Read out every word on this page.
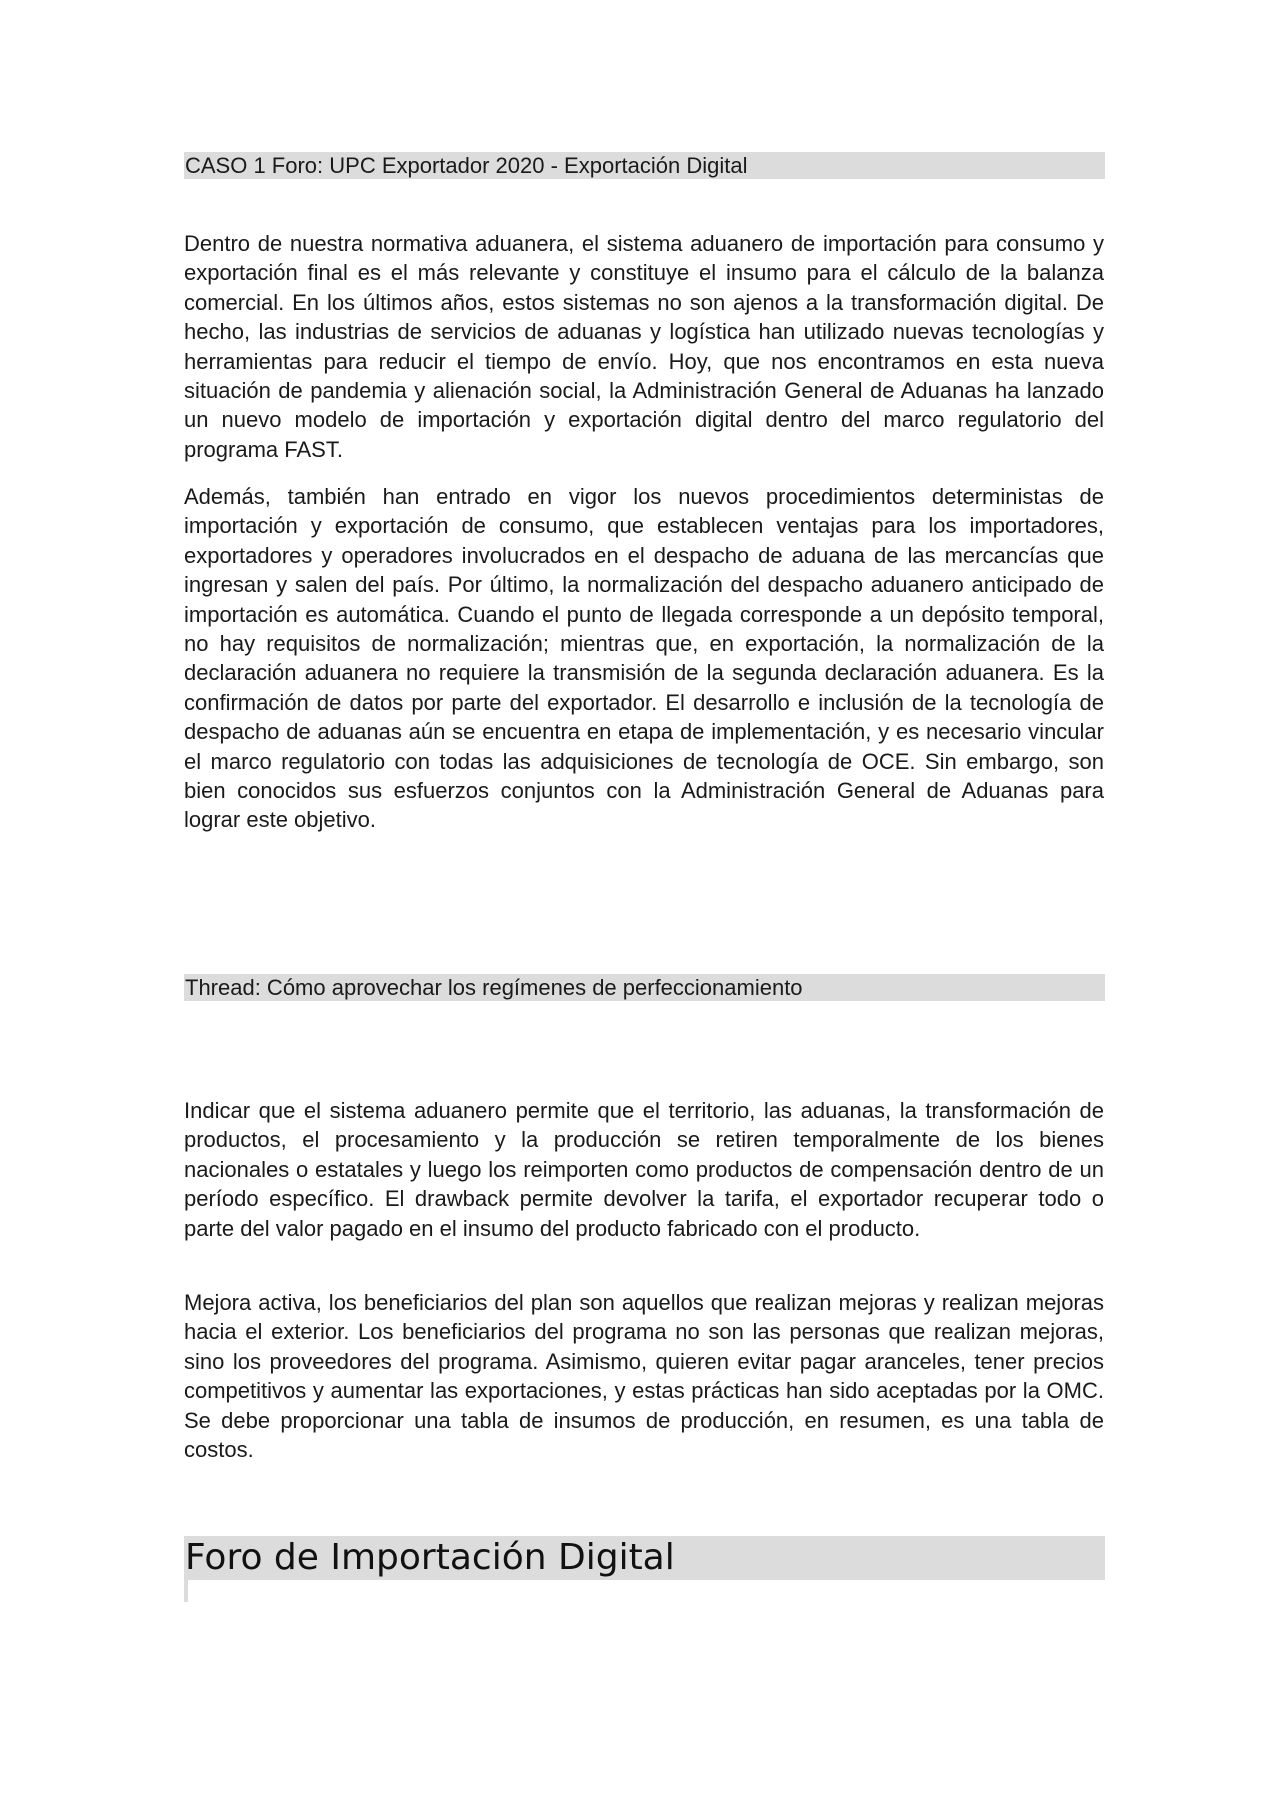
CASO 1 Foro: UPC Exportador 2020 - Exportación Digital

Dentro de nuestra normativa aduanera, el sistema aduanero de importación para consumo y exportación final es el más relevante y constituye el insumo para el cálculo de la balanza comercial. En los últimos años, estos sistemas no son ajenos a la transformación digital. De hecho, las industrias de servicios de aduanas y logística han utilizado nuevas tecnologías y herramientas para reducir el tiempo de envío. Hoy, que nos encontramos en esta nueva situación de pandemia y alienación social, la Administración General de Aduanas ha lanzado un nuevo modelo de importación y exportación digital dentro del marco regulatorio del programa FAST.

Además, también han entrado en vigor los nuevos procedimientos deterministas de importación y exportación de consumo, que establecen ventajas para los importadores, exportadores y operadores involucrados en el despacho de aduana de las mercancías que ingresan y salen del país. Por último, la normalización del despacho aduanero anticipado de importación es automática. Cuando el punto de llegada corresponde a un depósito temporal, no hay requisitos de normalización; mientras que, en exportación, la normalización de la declaración aduanera no requiere la transmisión de la segunda declaración aduanera. Es la confirmación de datos por parte del exportador. El desarrollo e inclusión de la tecnología de despacho de aduanas aún se encuentra en etapa de implementación, y es necesario vincular el marco regulatorio con todas las adquisiciones de tecnología de OCE. Sin embargo, son bien conocidos sus esfuerzos conjuntos con la Administración General de Aduanas para lograr este objetivo.

Thread: Cómo aprovechar los regímenes de perfeccionamiento

Indicar que el sistema aduanero permite que el territorio, las aduanas, la transformación de productos, el procesamiento y la producción se retiren temporalmente de los bienes nacionales o estatales y luego los reimporten como productos de compensación dentro de un período específico. El drawback permite devolver la tarifa, el exportador recuperar todo o parte del valor pagado en el insumo del producto fabricado con el producto.

Mejora activa, los beneficiarios del plan son aquellos que realizan mejoras y realizan mejoras hacia el exterior. Los beneficiarios del programa no son las personas que realizan mejoras, sino los proveedores del programa. Asimismo, quieren evitar pagar aranceles, tener precios competitivos y aumentar las exportaciones, y estas prácticas han sido aceptadas por la OMC. Se debe proporcionar una tabla de insumos de producción, en resumen, es una tabla de costos.

Foro de Importación Digital
